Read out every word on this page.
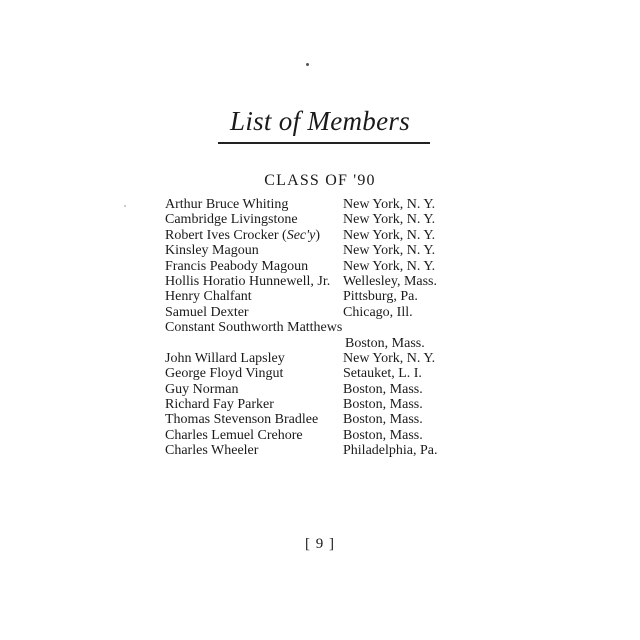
List of Members
CLASS OF '90
Arthur Bruce Whiting	New York, N. Y.
Cambridge Livingstone	New York, N. Y.
Robert Ives Crocker (Sec'y) New York, N. Y.
Kinsley Magoun	New York, N. Y.
Francis Peabody Magoun New York, N. Y.
Hollis Horatio Hunnewell, Jr. Wellesley, Mass.
Henry Chalfant	Pittsburg, Pa.
Samuel Dexter	Chicago, Ill.
Constant Southworth Matthews
Boston, Mass.
John Willard Lapsley	New York, N. Y.
George Floyd Vingut	Setauket, L. I.
Guy Norman	Boston, Mass.
Richard Fay Parker	Boston, Mass.
Thomas Stevenson Bradlee Boston, Mass.
Charles Lemuel Crehore	Boston, Mass.
Charles Wheeler	Philadelphia, Pa.
[ 9 ]
